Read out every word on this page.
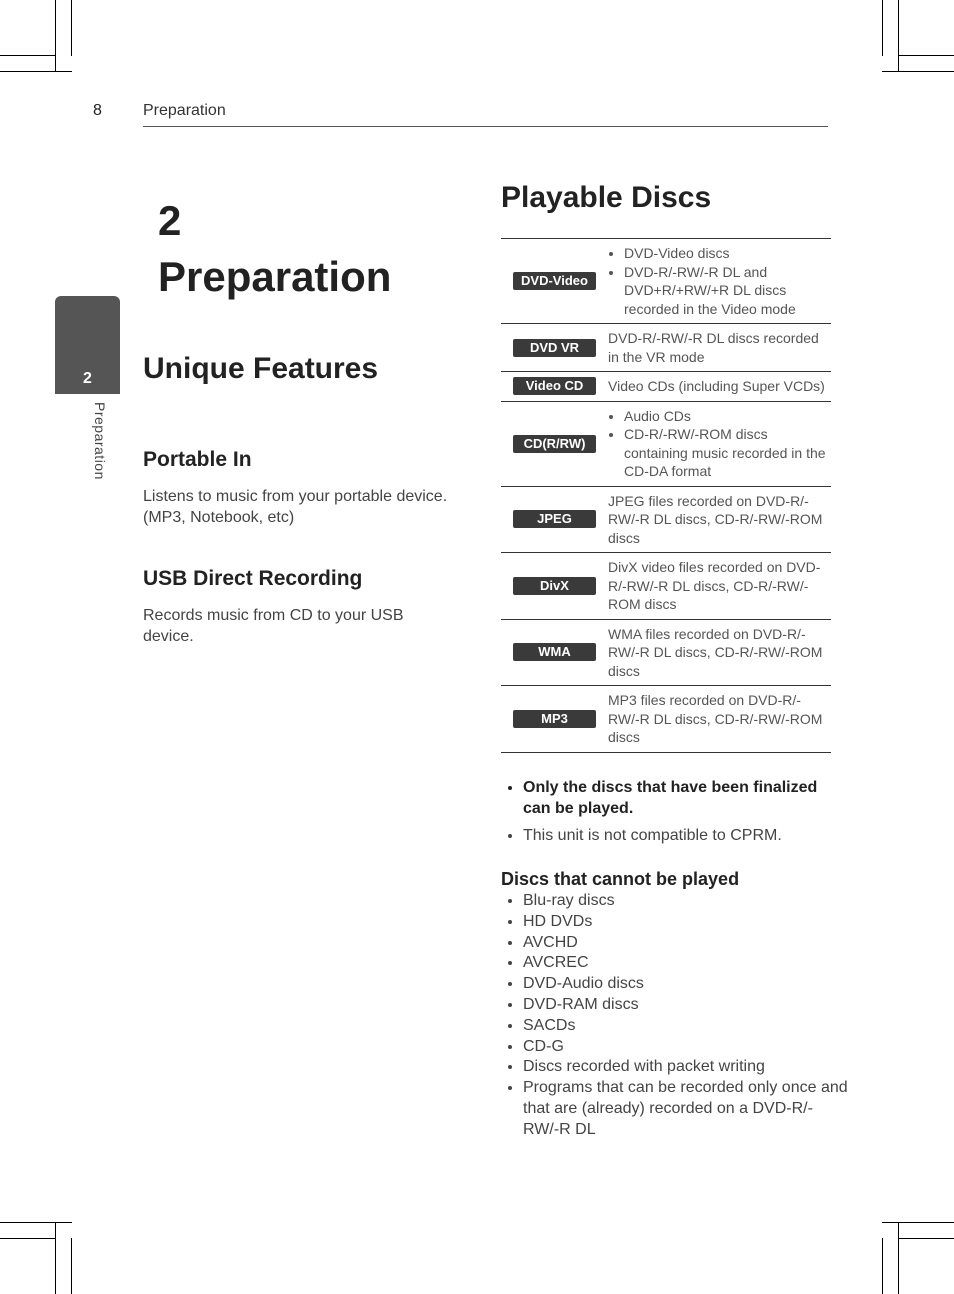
8	Preparation
2
Preparation
2
Preparation
Unique Features
Portable In
Listens to music from your portable device. (MP3, Notebook, etc)
USB Direct Recording
Records music from CD to your USB device.
Playable Discs
DVD-Video
• DVD-Video discs
• DVD-R/-RW/-R DL and DVD+R/+RW/+R DL discs recorded in the Video mode
DVD VR
DVD-R/-RW/-R DL discs recorded in the VR mode
Video CD	Video CDs (including Super VCDs)
CD(R/RW)
• Audio CDs
• CD-R/-RW/-ROM discs containing music recorded in the CD-DA format
JPEG
JPEG files recorded on DVD-R/-RW/-R DL discs, CD-R/-RW/-ROM discs
DivX
DivX video files recorded on DVD-R/-RW/-R DL discs, CD-R/-RW/-ROM discs
WMA
WMA files recorded on DVD-R/-RW/-R DL discs, CD-R/-RW/-ROM discs
MP3
MP3 files recorded on DVD-R/-RW/-R DL discs, CD-R/-RW/-ROM discs
• Only the discs that have been finalized can be played.
• This unit is not compatible to CPRM.
Discs that cannot be played
• Blu-ray discs
• HD DVDs
• AVCHD
• AVCREC
• DVD-Audio discs
• DVD-RAM discs
• SACDs
• CD-G
• Discs recorded with packet writing
• Programs that can be recorded only once and that are (already) recorded on a DVD-R/-RW/-R DL
